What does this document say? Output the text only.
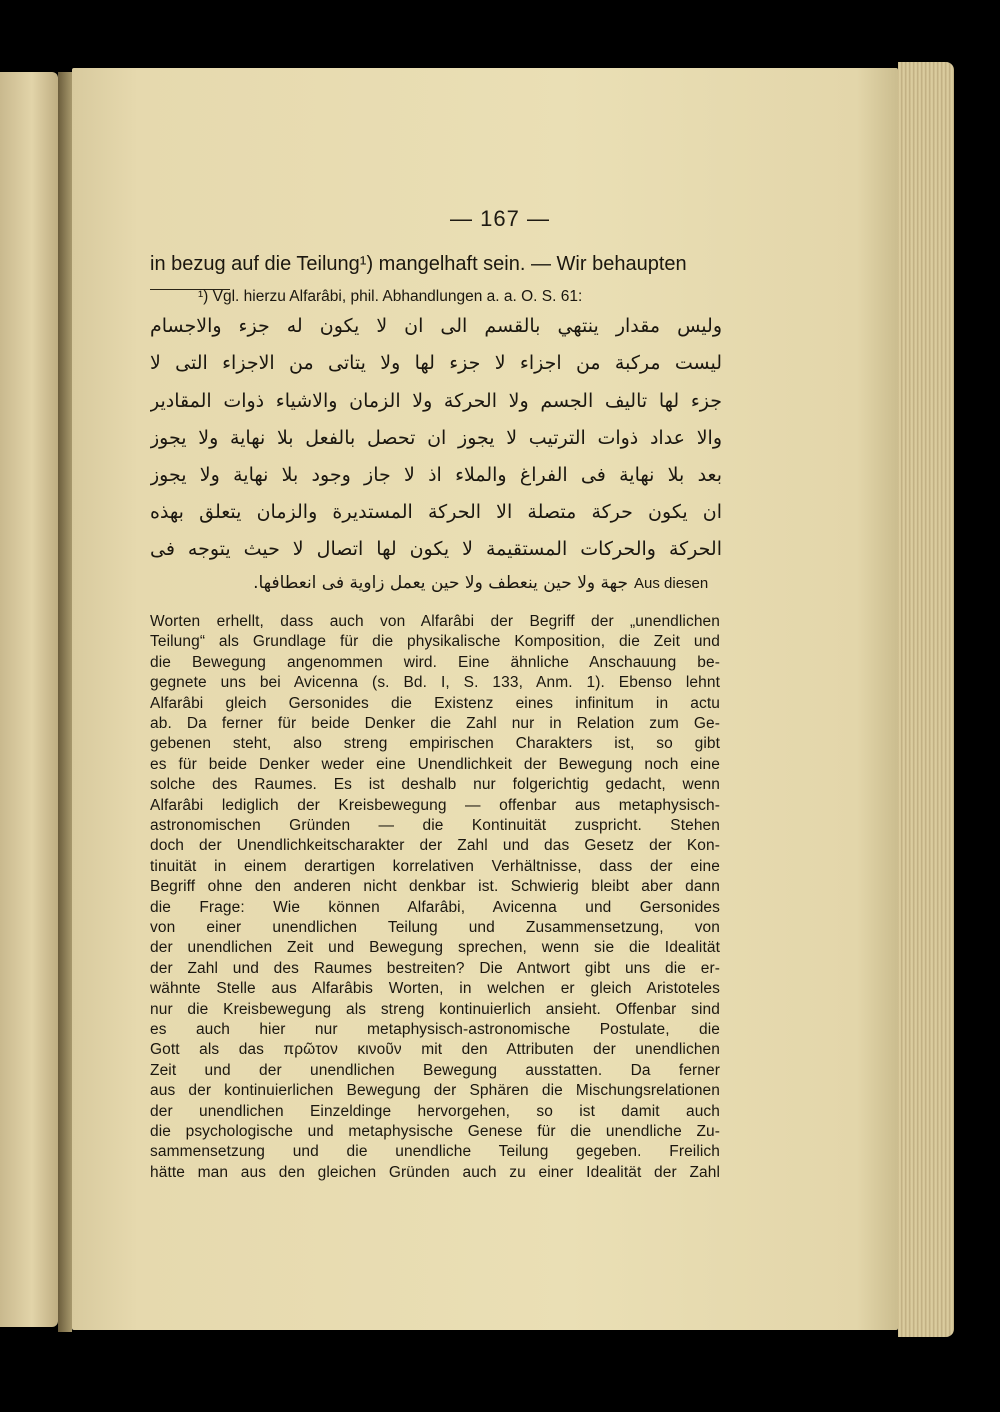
— 167 —
in bezug auf die Teilung¹) mangelhaft sein. — Wir behaupten
¹) Vgl. hierzu Alfarâbi, phil. Abhandlungen a. a. O. S. 61:
وليس مقدار ينتهي بالقسم الى ان لا يكون له جزء والاجسام
ليست مركبة من اجزاء لا جزء لها ولا يتاتى من الاجزاء التى لا
جزء لها تاليف الجسم ولا الحركة ولا الزمان والاشياء ذوات المقادير
والا عداد ذوات الترتيب لا يجوز ان تحصل بالفعل بلا نهاية ولا يجوز
بعد بلا نهاية فى الفراغ والملاء اذ لا جاز وجود بلا نهاية ولا يجوز
ان يكون حركة متصلة الا الحركة المستديرة والزمان يتعلق بهذه
الحركة والحركات المستقيمة لا يكون لها اتصال لا حيث يتوجه فى
جهة ولا حين ينعطف ولا حين يعمل زاوية فى انعطافها. Aus diesen
Worten erhellt, dass auch von Alfarâbi der Begriff der „unendlichen
Teilung“ als Grundlage für die physikalische Komposition, die Zeit und
die Bewegung angenommen wird. Eine ähnliche Anschauung be-
gegnete uns bei Avicenna (s. Bd. I, S. 133, Anm. 1). Ebenso lehnt
Alfarâbi gleich Gersonides die Existenz eines infinitum in actu
ab. Da ferner für beide Denker die Zahl nur in Relation zum Ge-
gebenen steht, also streng empirischen Charakters ist, so gibt
es für beide Denker weder eine Unendlichkeit der Bewegung noch eine
solche des Raumes. Es ist deshalb nur folgerichtig gedacht, wenn
Alfarâbi lediglich der Kreisbewegung — offenbar aus metaphysisch-
astronomischen Gründen — die Kontinuität zuspricht. Stehen
doch der Unendlichkeitscharakter der Zahl und das Gesetz der Kon-
tinuität in einem derartigen korrelativen Verhältnisse, dass der eine
Begriff ohne den anderen nicht denkbar ist. Schwierig bleibt aber dann
die Frage: Wie können Alfarâbi, Avicenna und Gersonides
von einer unendlichen Teilung und Zusammensetzung, von
der unendlichen Zeit und Bewegung sprechen, wenn sie die Idealität
der Zahl und des Raumes bestreiten? Die Antwort gibt uns die er-
wähnte Stelle aus Alfarâbis Worten, in welchen er gleich Aristoteles
nur die Kreisbewegung als streng kontinuierlich ansieht. Offenbar sind
es auch hier nur metaphysisch-astronomische Postulate, die
Gott als das πρῶτον κινοῦν mit den Attributen der unendlichen
Zeit und der unendlichen Bewegung ausstatten. Da ferner
aus der kontinuierlichen Bewegung der Sphären die Mischungsrelationen
der unendlichen Einzeldinge hervorgehen, so ist damit auch
die psychologische und metaphysische Genese für die unendliche Zu-
sammensetzung und die unendliche Teilung gegeben. Freilich
hätte man aus den gleichen Gründen auch zu einer Idealität der Zahl
